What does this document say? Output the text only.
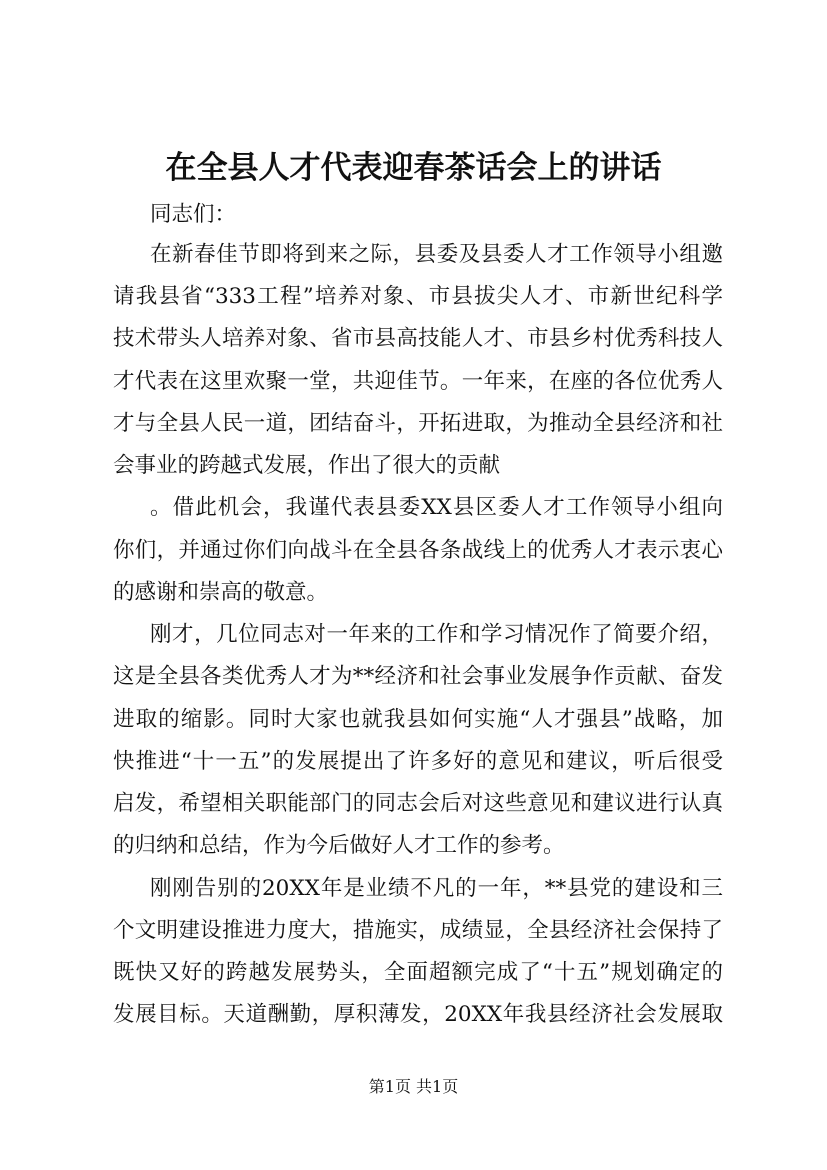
在全县人才代表迎春茶话会上的讲话
同志们：
在新春佳节即将到来之际，县委及县委人才工作领导小组邀
请我县省“333工程”培养对象、市县拔尖人才、市新世纪科学
技术带头人培养对象、省市县高技能人才、市县乡村优秀科技人
才代表在这里欢聚一堂，共迎佳节。一年来，在座的各位优秀人
才与全县人民一道，团结奋斗，开拓进取，为推动全县经济和社
会事业的跨越式发展，作出了很大的贡献
。借此机会，我谨代表县委XX县区委人才工作领导小组向
你们，并通过你们向战斗在全县各条战线上的优秀人才表示衷心
的感谢和崇高的敬意。
刚才，几位同志对一年来的工作和学习情况作了简要介绍，
这是全县各类优秀人才为**经济和社会事业发展争作贡献、奋发
进取的缩影。同时大家也就我县如何实施“人才强县”战略，加
快推进“十一五”的发展提出了许多好的意见和建议，听后很受
启发，希望相关职能部门的同志会后对这些意见和建议进行认真
的归纳和总结，作为今后做好人才工作的参考。
刚刚告别的20XX年是业绩不凡的一年，**县党的建设和三
个文明建设推进力度大，措施实，成绩显，全县经济社会保持了
既快又好的跨越发展势头，全面超额完成了“十五”规划确定的
发展目标。天道酬勤，厚积薄发，20XX年我县经济社会发展取
第1页 共1页
